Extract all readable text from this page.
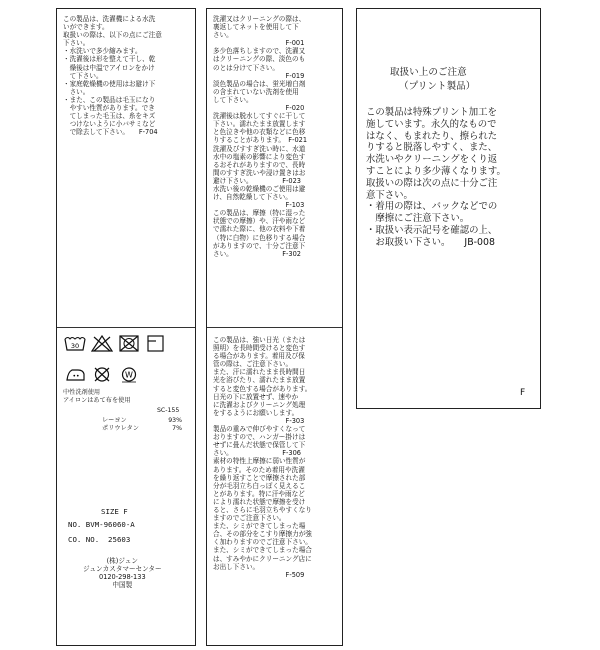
この製品は、洗濯機による水洗
いができます。
取扱いの際は、以下の点にご注意
下さい。
・水洗いで多少縮みます。
・洗濯後は形を整えて干し、乾
　燥後は中温でアイロンをかけ
　て下さい。
・家庭乾燥機の使用はお避け下
　さい。
・また、この製品は毛玉になり
　やすい性質があります。でき
　てしまった毛玉は、糸をキズ
　つけないように小バサミなど
　で除去して下さい。　　F-704
30
••	W
中性洗剤使用
アイロンはあて布を使用
SC-155
レーヨン	93%
ポリウレタン	7%
SIZE F
NO. BVM-96060-A
CO. NO.  25603
(株)ジュン
ジュンカスタマーセンター
0120-298-133
中国製
洗濯又はクリーニングの際は、
裏返してネットを使用して下
さい。
　　　　　　　　　　　F-001
多少色落ちしますので、洗濯又
はクリーニングの際、淡色のも
のとは分けて下さい。
　　　　　　　　　　　F-019
淡色製品の場合は、蛍光増白剤
の含まれていない洗剤を使用
して下さい。
　　　　　　　　　　　F-020
洗濯後は脱水してすぐに干して
下さい。濡れたまま放置します
と色泣きや他の衣類などに色移
りすることがあります。　F-021
洗濯及びすすぎ洗い時に、水道
水中の塩素の影響により変色す
るおそれがありますので、長時
間のすすぎ洗いや浸け置きはお
避け下さい。　　　　　F-023
水洗い後の乾燥機のご使用は避
け、自然乾燥して下さい。
　　　　　　　　　　　F-103
この製品は、摩擦（特に湿った
状態での摩擦）や、汗や雨など
で濡れた際に、他の衣料や下着
（特に白物）に色移りする場合
がありますので、十分ご注意下
さい。　　　　　　　　F-302
この製品は、強い日光（または
照明）を長時間受けると変色す
る場合があります。着用及び保
管の際は、ご注意下さい。
また、汗に濡れたまま長時間日
光を浴びたり、濡れたまま放置
すると変色する場合があります。
日光の下に放置せず、速やか
に洗濯およびクリーニング処理
をするようにお願いします。
　　　　　　　　　　　F-303
製品の重みで伸びやすくなって
おりますので、ハンガー掛けは
せずに畳んだ状態で保管して下
さい。　　　　　　　　F-306
素材の特性上摩擦に弱い性質が
あります。そのため着用や洗濯
を繰り返すことで摩擦された部
分が毛羽立ち白っぽく見えるこ
とがあります。特に汗や雨など
により濡れた状態で摩擦を受け
ると、さらに毛羽立ちやすくなり
ますのでご注意下さい。
また、シミができてしまった場
合、その部分をこすり摩擦力が強
く加わりますのでご注意下さい。
また、シミができてしまった場合
は、すみやかにクリーニング店に
お出し下さい。
　　　　　　　　　　　F-509
取扱い上のご注意
（プリント製品）
この製品は特殊プリント加工を
施しています。永久的なもので
はなく、もまれたり、擦られた
りすると脱落しやすく、また、
水洗いやクリーニングをくり返
すことにより多少薄くなります。
取扱いの際は次の点に十分ご注
意下さい。
・着用の際は、バックなどでの
　摩擦にご注意下さい。
・取扱い表示記号を確認の上、
　お取扱い下さい。　　JB-008
F
